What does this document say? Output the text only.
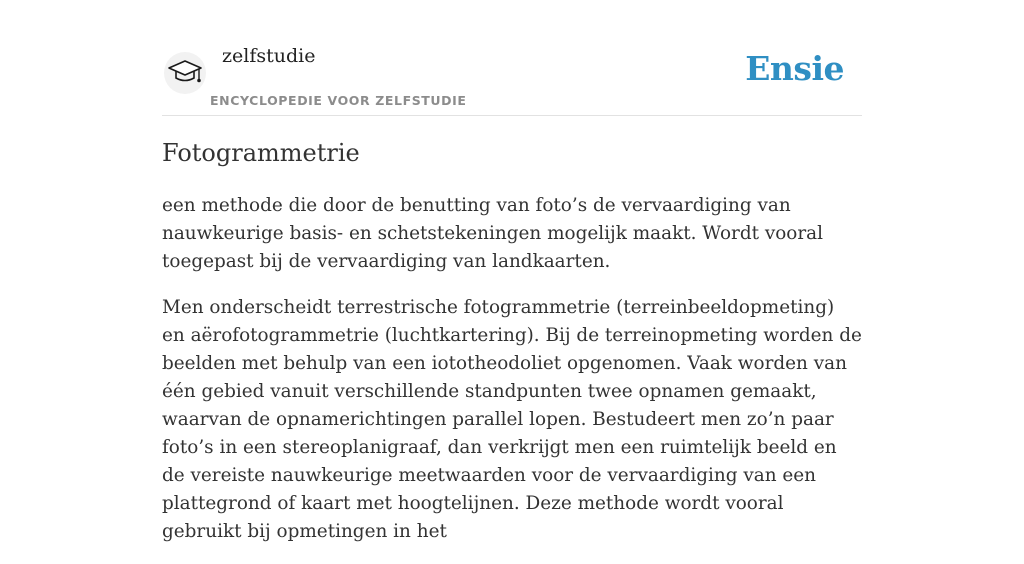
zelfstudie
ENCYCLOPEDIE VOOR ZELFSTUDIE
Ensie
Fotogrammetrie

een methode die door de benutting van foto’s de vervaardiging van nauwkeurige basis- en schetstekeningen mogelijk maakt. Wordt vooral toegepast bij de vervaardiging van landkaarten.

Men onderscheidt terrestrische fotogrammetrie (terreinbeeldopmeting) en aërofotogrammetrie (luchtkartering). Bij de terreinopmeting worden de beelden met behulp van een iototheodoliet opgenomen. Vaak worden van één gebied vanuit verschillende standpunten twee opnamen gemaakt, waarvan de opnamerichtingen parallel lopen. Bestudeert men zo’n paar foto’s in een stereoplanigraaf, dan verkrijgt men een ruimtelijk beeld en de vereiste nauwkeurige meetwaarden voor de vervaardiging van een plattegrond of kaart met hoogtelijnen. Deze methode wordt vooral gebruikt bij opmetingen in het
